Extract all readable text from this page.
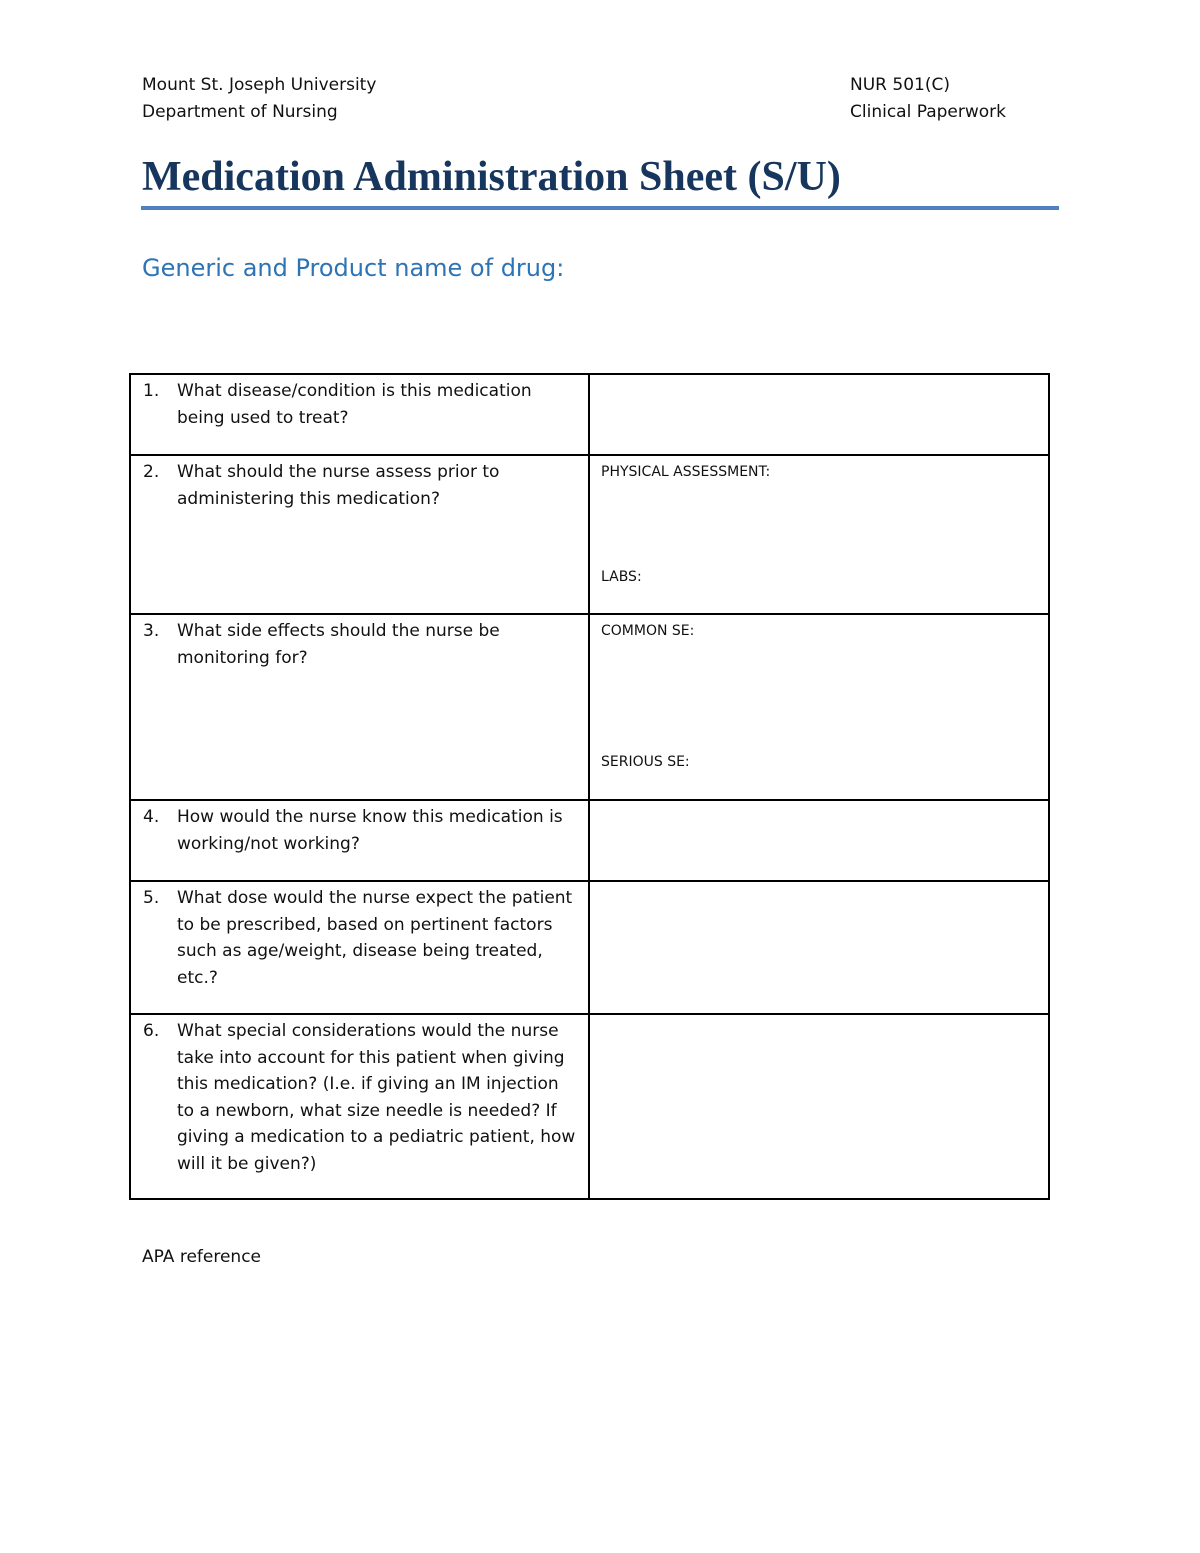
Mount St. Joseph University
Department of Nursing
NUR 501(C)
Clinical Paperwork
Medication Administration Sheet (S/U)
Generic and Product name of drug:
1. What disease/condition is this medication being used to treat?	

2. What should the nurse assess prior to administering this medication?	PHYSICAL ASSESSMENT:
LABS:

3. What side effects should the nurse be monitoring for?	COMMON SE:
SERIOUS SE:

4. How would the nurse know this medication is working/not working?	

5. What dose would the nurse expect the patient to be prescribed, based on pertinent factors such as age/weight, disease being treated, etc.?	

6. What special considerations would the nurse take into account for this patient when giving this medication? (I.e. if giving an IM injection to a newborn, what size needle is needed? If giving a medication to a pediatric patient, how will it be given?)	

APA reference
